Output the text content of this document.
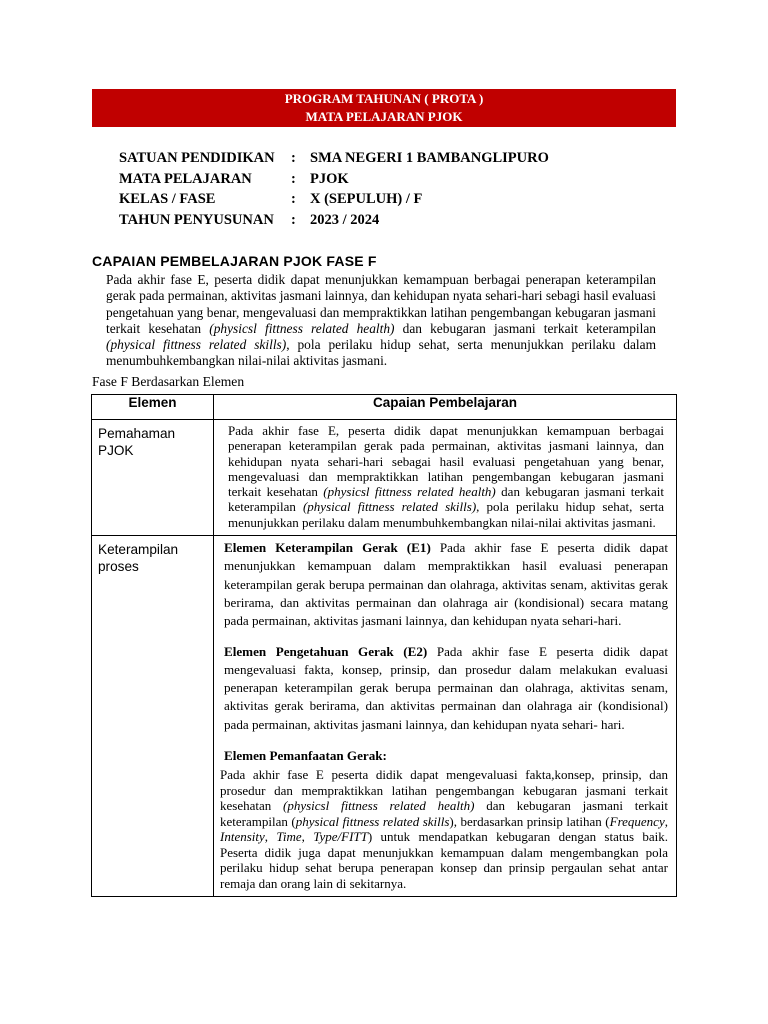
PROGRAM TAHUNAN ( PROTA )
MATA PELAJARAN PJOK
SATUAN PENDIDIKAN	: SMA NEGERI 1 BAMBANGLIPURO
MATA PELAJARAN	: PJOK
KELAS / FASE	: X (SEPULUH) / F
TAHUN PENYUSUNAN	: 2023 / 2024
CAPAIAN PEMBELAJARAN PJOK FASE F
Pada akhir fase E, peserta didik dapat menunjukkan kemampuan berbagai penerapan keterampilan gerak pada permainan, aktivitas jasmani lainnya, dan kehidupan nyata sehari-hari sebagi hasil evaluasi pengetahuan yang benar, mengevaluasi dan mempraktikkan latihan pengembangan kebugaran jasmani terkait kesehatan (physicsl fittness related health) dan kebugaran jasmani terkait keterampilan (physical fittness related skills), pola perilaku hidup sehat, serta menunjukkan perilaku dalam menumbuhkembangkan nilai-nilai aktivitas jasmani.
Fase F Berdasarkan Elemen
Elemen	Capaian Pembelajaran
Pemahaman PJOK	Pada akhir fase E, peserta didik dapat menunjukkan kemampuan berbagai penerapan keterampilan gerak pada permainan, aktivitas jasmani lainnya, dan kehidupan nyata sehari-hari sebagai hasil evaluasi pengetahuan yang benar, mengevaluasi dan mempraktikkan latihan pengembangan kebugaran jasmani terkait kesehatan (physicsl fittness related health) dan kebugaran jasmani terkait keterampilan (physical fittness related skills), pola perilaku hidup sehat, serta menunjukkan perilaku dalam menumbuhkembangkan nilai-nilai aktivitas jasmani.

Keterampilan proses	Elemen Keterampilan Gerak (E1) Pada akhir fase E peserta didik dapat menunjukkan kemampuan dalam mempraktikkan hasil evaluasi penerapan keterampilan gerak berupa permainan dan olahraga, aktivitas senam, aktivitas gerak berirama, dan aktivitas permainan dan olahraga air (kondisional) secara matang pada permainan, aktivitas jasmani lainnya, dan kehidupan nyata sehari-hari.
Elemen Pengetahuan Gerak (E2) Pada akhir fase E peserta didik dapat mengevaluasi fakta, konsep, prinsip, dan prosedur dalam melakukan evaluasi penerapan keterampilan gerak berupa permainan dan olahraga, aktivitas senam, aktivitas gerak berirama, dan aktivitas permainan dan olahraga air (kondisional) pada permainan, aktivitas jasmani lainnya, dan kehidupan nyata sehari- hari.
Elemen Pemanfaatan Gerak:
Pada akhir fase E peserta didik dapat mengevaluasi fakta,konsep, prinsip, dan prosedur dan mempraktikkan latihan pengembangan kebugaran jasmani terkait kesehatan (physicsl fittness related health) dan kebugaran jasmani terkait keterampilan (physical fittness related skills), berdasarkan prinsip latihan (Frequency, Intensity, Time, Type/FITT) untuk mendapatkan kebugaran dengan status baik. Peserta didik juga dapat menunjukkan kemampuan dalam mengembangkan pola perilaku hidup sehat berupa penerapan konsep dan prinsip pergaulan sehat antar remaja dan orang lain di sekitarnya.
